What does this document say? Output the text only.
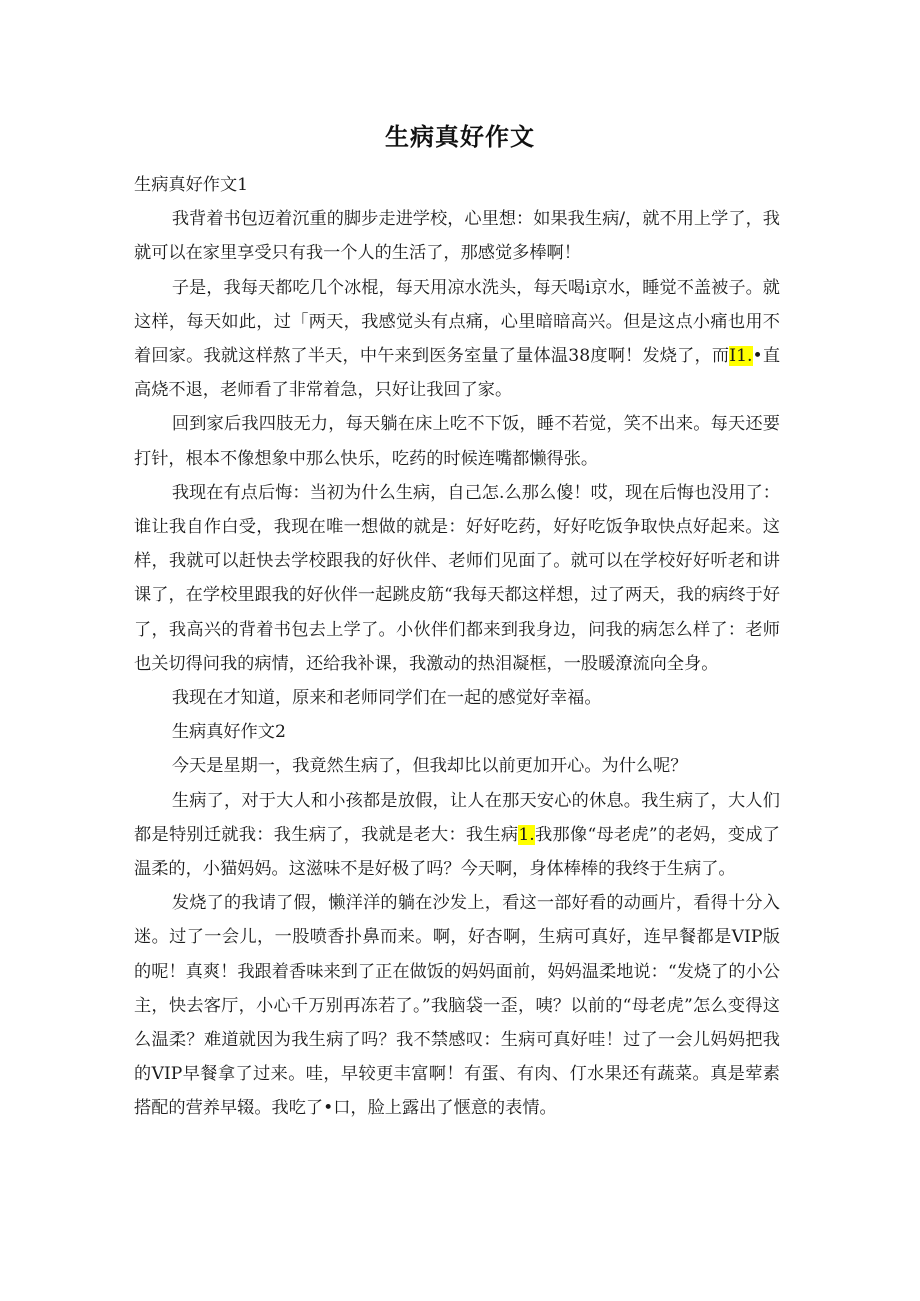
生病真好作文

生病真好作文1

我背着书包迈着沉重的脚步走进学校，心里想：如果我生病/，就不用上学了，我就可以在家里享受只有我一个人的生活了，那感觉多棒啊！

子是，我每天都吃几个冰棍，每天用凉水洗头，每天喝i京水，睡觉不盖被子。就这样，每天如此，过「两天，我感觉头有点痛，心里暗暗高兴。但是这点小痛也用不着回家。我就这样熬了半天，中午来到医务室量了量体温38度啊！发烧了，而I1.•直高烧不退，老师看了非常着急，只好让我回了家。

回到家后我四肢无力，每天躺在床上吃不下饭，睡不若觉，笑不出来。每天还要打针，根本不像想象中那么快乐，吃药的时候连嘴都懒得张。

我现在有点后悔：当初为什么生病，自己怎.么那么傻！哎，现在后悔也没用了：谁让我自作白受，我现在唯一想做的就是：好好吃药，好好吃饭争取快点好起来。这样，我就可以赶快去学校跟我的好伙伴、老师们见面了。就可以在学校好好听老和讲课了，在学校里跟我的好伙伴一起跳皮筋“我每天都这样想，过了两天，我的病终于好了，我高兴的背着书包去上学了。小伙伴们都来到我身边，问我的病怎么样了：老师也关切得问我的病情，还给我补课，我激动的热泪凝框，一股暖潦流向全身。

我现在才知道，原来和老师同学们在一起的感觉好幸福。

生病真好作文2

今天是星期一，我竟然生病了，但我却比以前更加开心。为什么呢？

生病了，对于大人和小孩都是放假，让人在那天安心的休息。我生病了，大人们都是特别迁就我：我生病了，我就是老大：我生病1.我那像“母老虎”的老妈，变成了温柔的，小猫妈妈。这滋味不是好极了吗？今天啊，身体棒棒的我终于生病了。

发烧了的我请了假，懒洋洋的躺在沙发上，看这一部好看的动画片，看得十分入迷。过了一会儿，一股喷香扑鼻而来。啊，好杏啊，生病可真好，连早餐都是VIP版的呢！真爽！我跟着香味来到了正在做饭的妈妈面前，妈妈温柔地说：“发烧了的小公主，快去客厅，小心千万别再冻若了。”我脑袋一歪，咦？以前的“母老虎”怎么变得这么温柔？难道就因为我生病了吗？我不禁感叹：生病可真好哇！过了一会儿妈妈把我的VIP早餐拿了过来。哇，早较更丰富啊！有蛋、有肉、仃水果还有蔬菜。真是荤素搭配的营养早辍。我吃了•口，脸上露出了惬意的表情。
